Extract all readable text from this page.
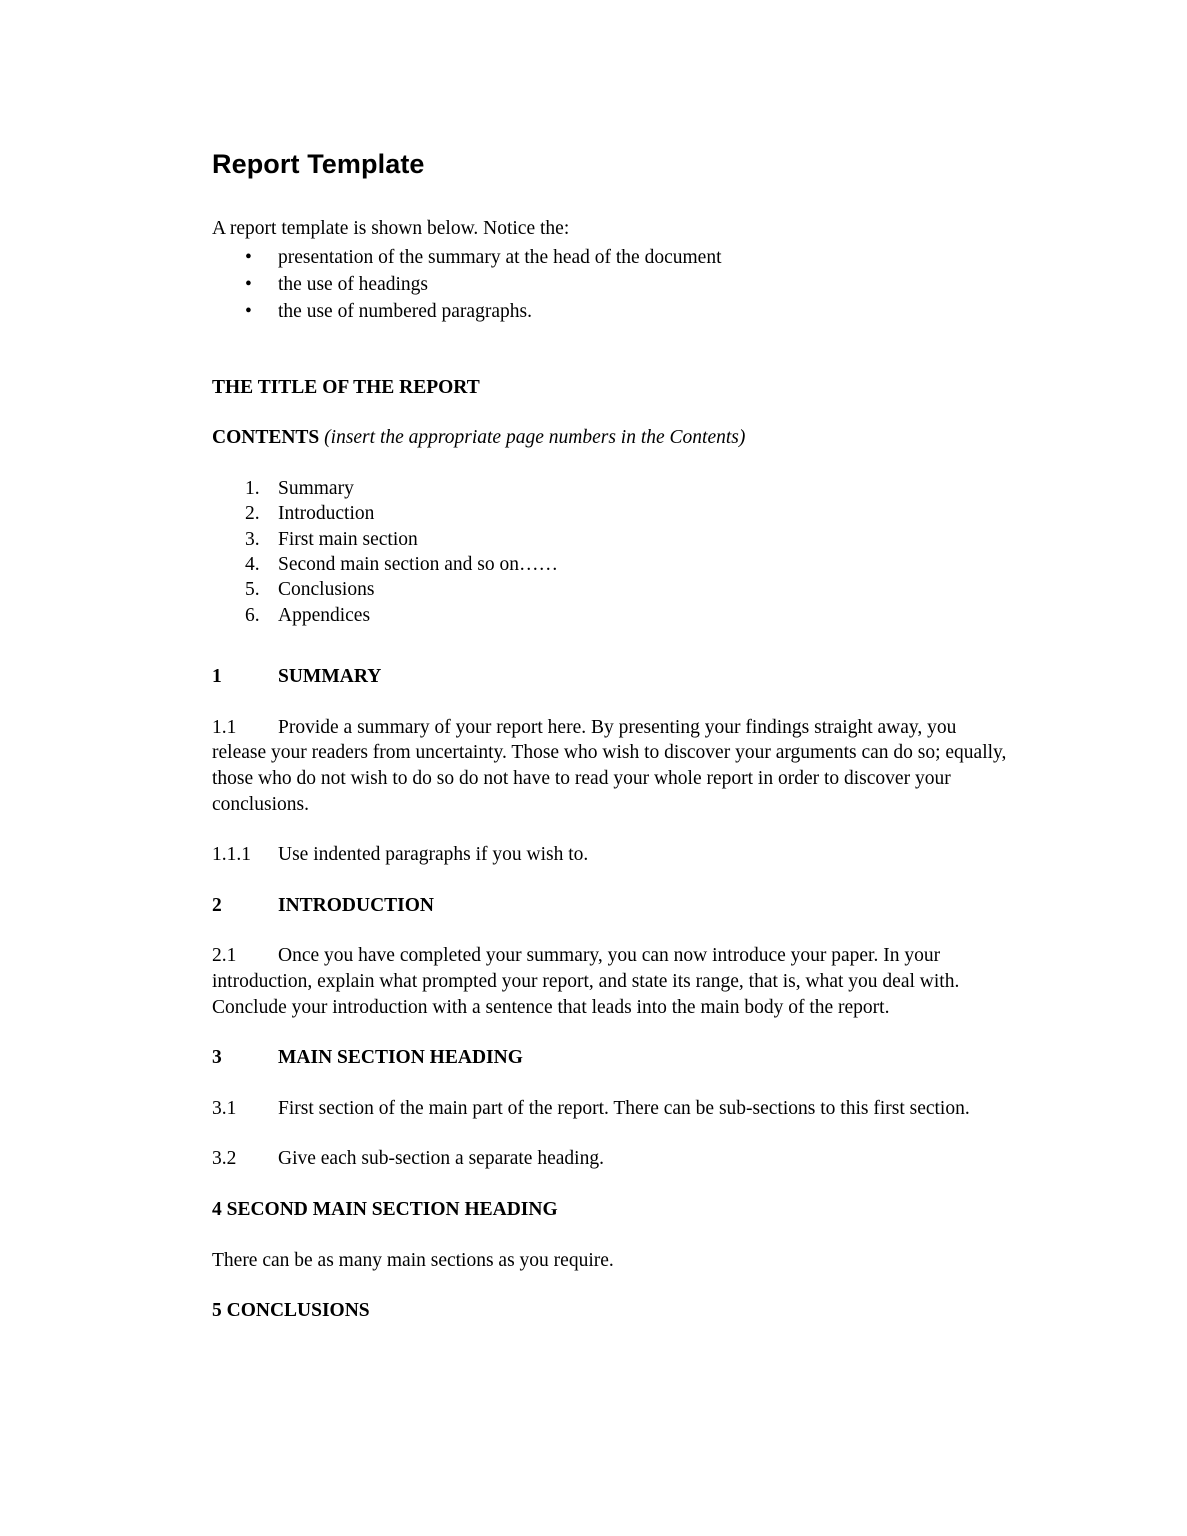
Report Template

A report template is shown below. Notice the:

• presentation of the summary at the head of the document
• the use of headings
• the use of numbered paragraphs.

THE TITLE OF THE REPORT

CONTENTS (insert the appropriate page numbers in the Contents)

1. Summary
2. Introduction
3. First main section
4. Second main section and so on……
5. Conclusions
6. Appendices

1	SUMMARY

1.1	Provide a summary of your report here. By presenting your findings straight away, you release your readers from uncertainty. Those who wish to discover your arguments can do so; equally, those who do not wish to do so do not have to read your whole report in order to discover your conclusions.

1.1.1	Use indented paragraphs if you wish to.

2	INTRODUCTION

2.1	Once you have completed your summary, you can now introduce your paper. In your introduction, explain what prompted your report, and state its range, that is, what you deal with. Conclude your introduction with a sentence that leads into the main body of the report.

3	MAIN SECTION HEADING

3.1	First section of the main part of the report. There can be sub-sections to this first section.

3.2	Give each sub-section a separate heading.

4 SECOND MAIN SECTION HEADING

There can be as many main sections as you require.

5 CONCLUSIONS
